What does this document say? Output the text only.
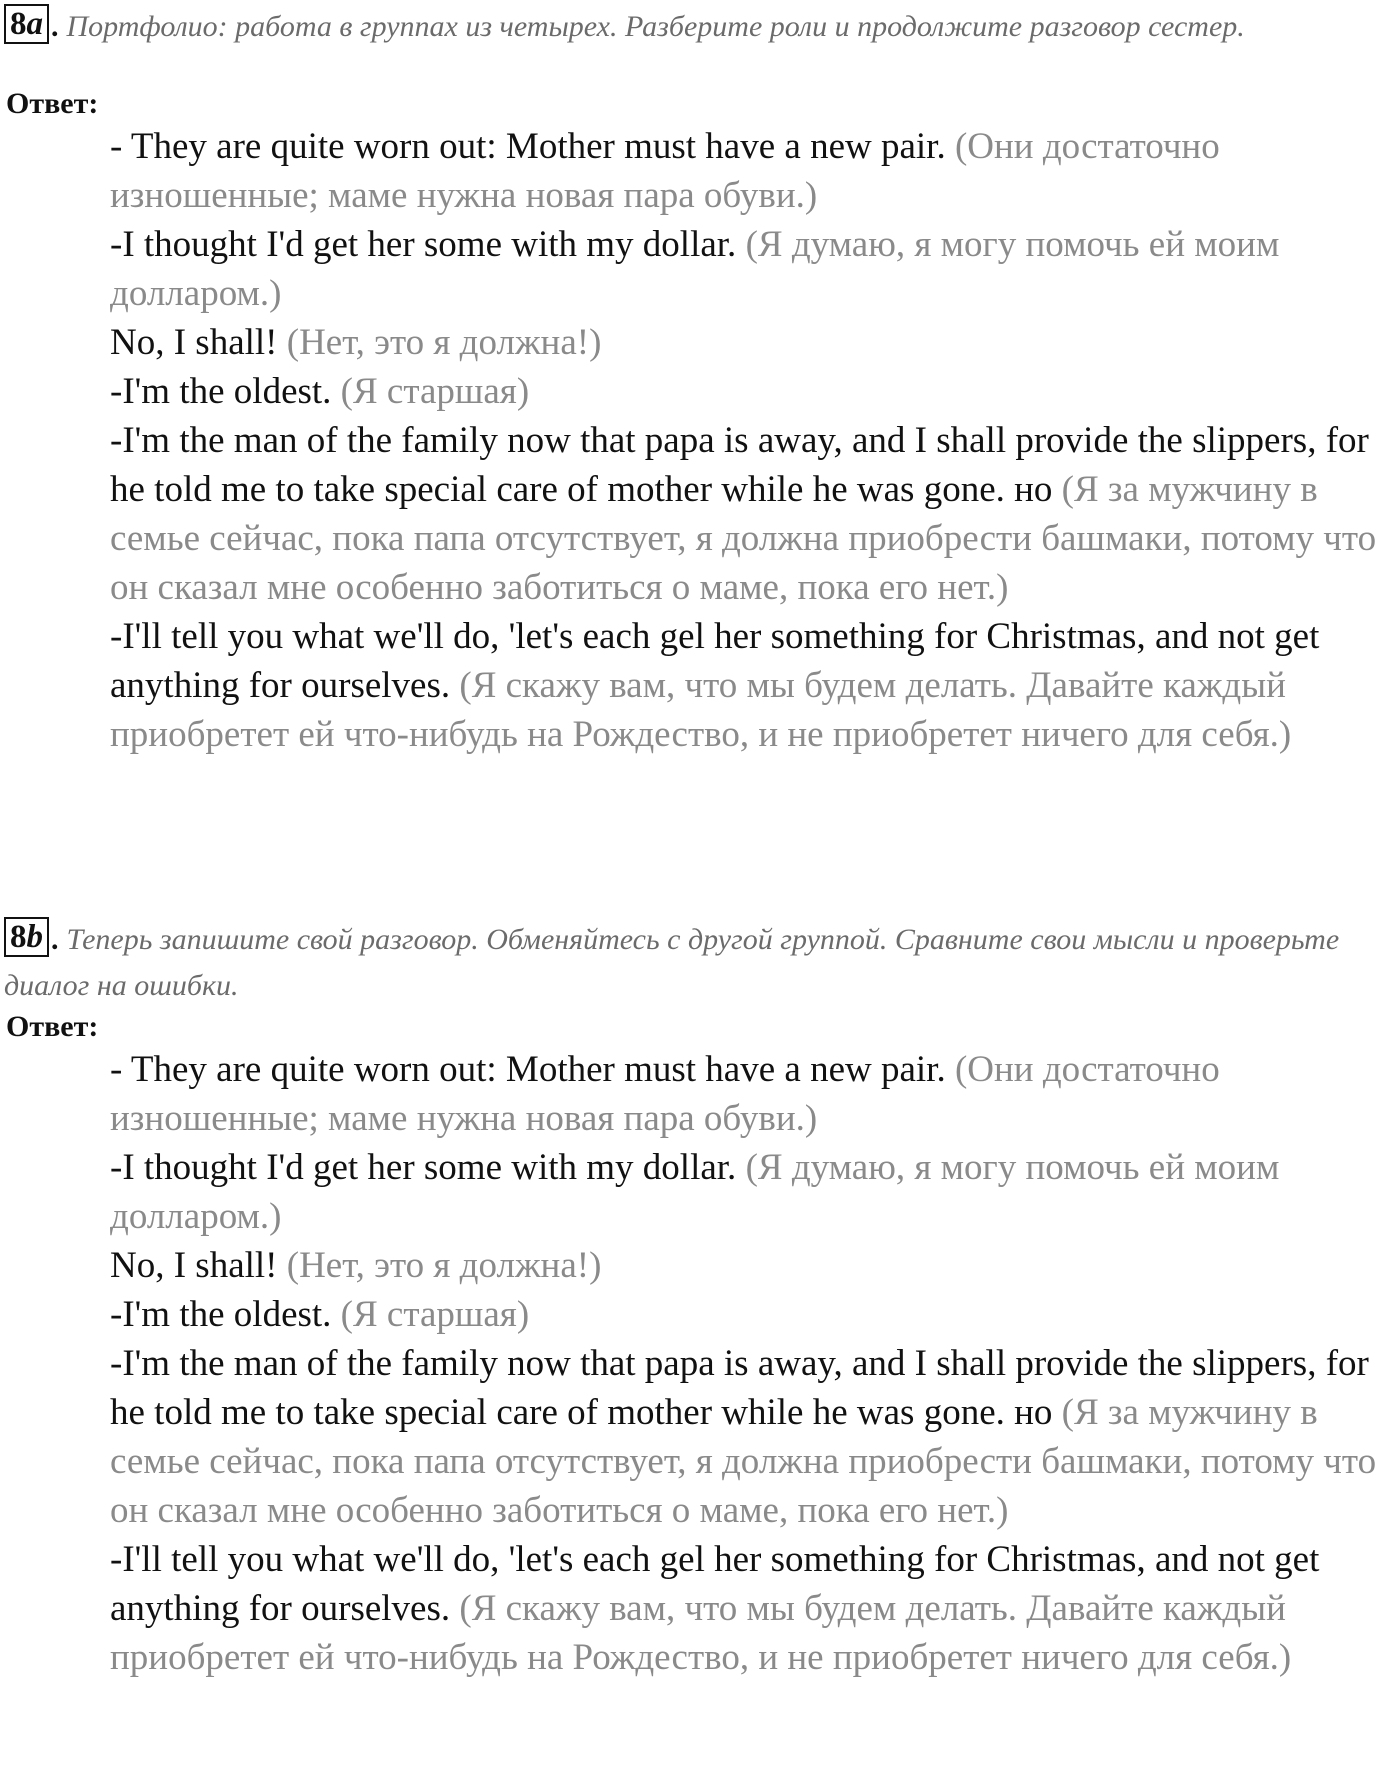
8a . Портфолио: работа в группах из четырех. Разберите роли и продолжите разговор сестер.
Ответ:
- They are quite worn out: Mother must have a new pair. (Они достаточно изношенные; маме нужна новая пара обуви.)
-I thought I'd get her some with my dollar. (Я думаю, я могу помочь ей моим долларом.)
No, I shall! (Нет, это я должна!)
-I'm the oldest. (Я старшая)
-I'm the man of the family now that papa is away, and I shall provide the slippers, for he told me to take special care of mother while he was gone. но (Я за мужчину в семье сейчас, пока папа отсутствует, я должна приобрести башмаки, потому что он сказал мне особенно заботиться о маме, пока его нет.)
-I'll tell you what we'll do, 'let's each gel her something for Christmas, and not get anything for ourselves. (Я скажу вам, что мы будем делать. Давайте каждый приобретет ей что-нибудь на Рождество, и не приобретет ничего для себя.)
8b . Теперь запишите свой разговор. Обменяйтесь с другой группой. Сравните свои мысли и проверьте диалог на ошибки.
Ответ:
- They are quite worn out: Mother must have a new pair. (Они достаточно изношенные; маме нужна новая пара обуви.)
-I thought I'd get her some with my dollar. (Я думаю, я могу помочь ей моим долларом.)
No, I shall! (Нет, это я должна!)
-I'm the oldest. (Я старшая)
-I'm the man of the family now that papa is away, and I shall provide the slippers, for he told me to take special care of mother while he was gone. но (Я за мужчину в семье сейчас, пока папа отсутствует, я должна приобрести башмаки, потому что он сказал мне особенно заботиться о маме, пока его нет.)
-I'll tell you what we'll do, 'let's each gel her something for Christmas, and not get anything for ourselves. (Я скажу вам, что мы будем делать. Давайте каждый приобретет ей что-нибудь на Рождество, и не приобретет ничего для себя.)
